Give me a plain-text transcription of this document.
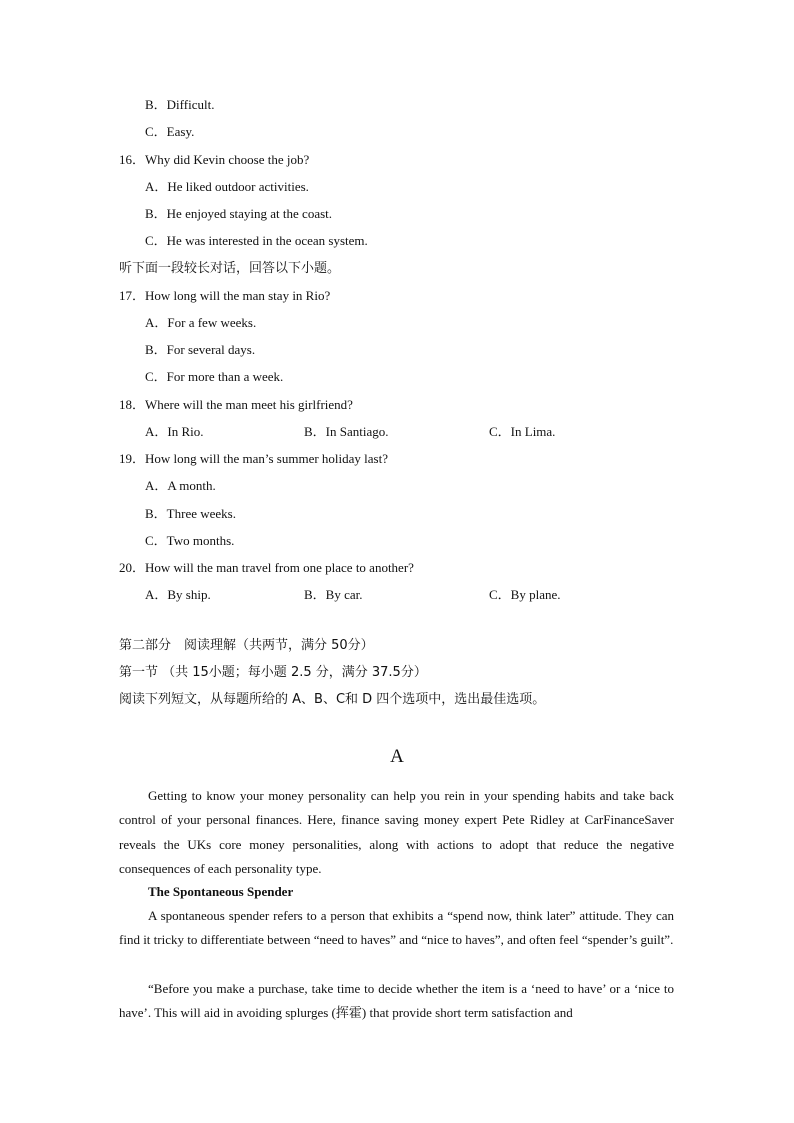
B．Difficult.
C．Easy.
16．Why did Kevin choose the job?
A．He liked outdoor activities.
B．He enjoyed staying at the coast.
C．He was interested in the ocean system.
听下面一段较长对话，回答以下小题。
17．How long will the man stay in Rio?
A．For a few weeks.
B．For several days.
C．For more than a week.
18．Where will the man meet his girlfriend?
A．In Rio.	B．In Santiago.	C．In Lima.
19．How long will the man’s summer holiday last?
A．A month.
B．Three weeks.
C．Two months.
20．How will the man travel from one place to another?
A．By ship.	B．By car.	C．By plane.
第二部分　阅读理解（共两节，满分 50分）
第一节 （共 15小题；每小题 2.5 分，满分 37.5分）
阅读下列短文，从每题所给的 A、B、C和 D 四个选项中，选出最佳选项。
A

Getting to know your money personality can help you rein in your spending habits and take back control of your personal finances. Here, finance saving money expert Pete Ridley at CarFinanceSaver reveals the UKs core money personalities, along with actions to adopt that reduce the negative consequences of each personality type.

The Spontaneous Spender

A spontaneous spender refers to a person that exhibits a “spend now, think later” attitude. They can find it tricky to differentiate between “need to haves” and “nice to haves”, and often feel “spender’s guilt”.

“Before you make a purchase, take time to decide whether the item is a ‘need to have’ or a ‘nice to have’. This will aid in avoiding splurges (挥霍) that provide short term satisfaction and
